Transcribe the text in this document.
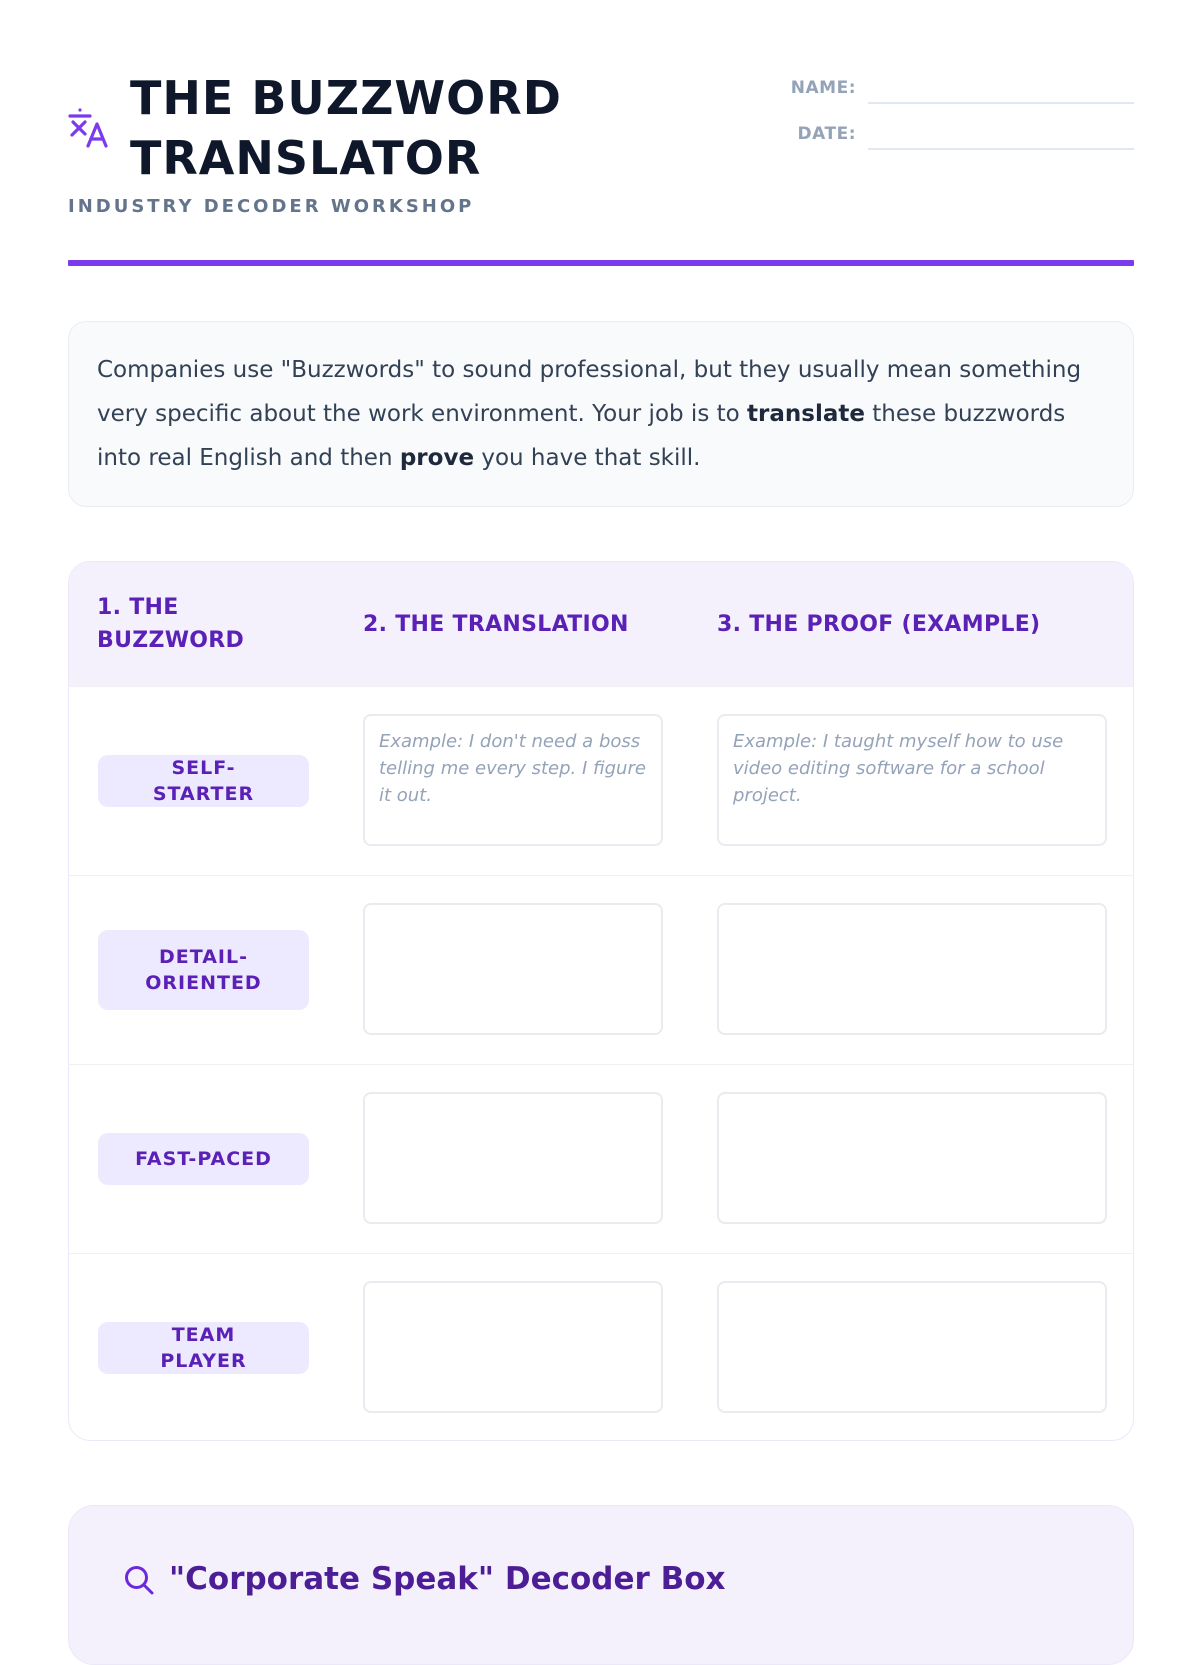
THE BUZZWORD
TRANSLATOR
INDUSTRY DECODER WORKSHOP
NAME:
DATE:
Companies use "Buzzwords" to sound professional, but they usually mean something very specific about the work environment. Your job is to translate these buzzwords into real English and then prove you have that skill.
1. THE BUZZWORD
2. THE TRANSLATION	3. THE PROOF (EXAMPLE)
SELF-STARTER
Example: I don't need a boss telling me every step. I figure it out.
Example: I taught myself how to use video editing software for a school project.
DETAIL-ORIENTED
FAST-PACED
TEAM PLAYER
"Corporate Speak" Decoder Box
